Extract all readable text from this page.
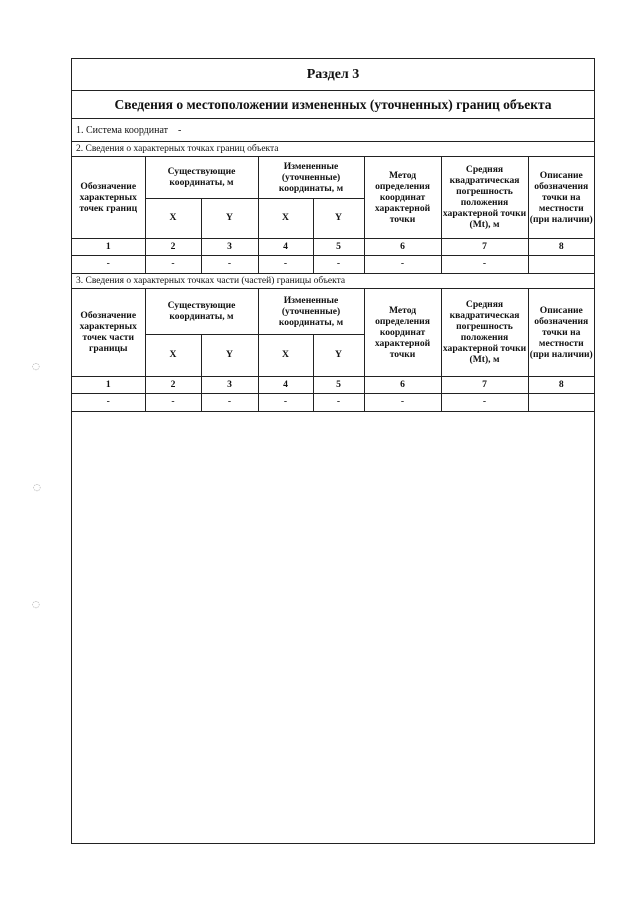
Раздел 3
Сведения о местоположении измененных (уточненных) границ объекта
1. Система координат -
2. Сведения о характерных точках границ объекта
Обозначение характерных точек границ	Существующие координаты, м		Измененные (уточненные) координаты, м		Метод определения координат характерной точки	Средняя квадратическая погрешность положения характерной точки (Mt), м	Описание обозначения точки на местности (при наличии)
	X	Y	X	Y			
1	2	3	4	5	6	7	8
-	-	-	-	-	-	-	
3. Сведения о характерных точках части (частей) границы объекта
Обозначение характерных точек части границы	Существующие координаты, м		Измененные (уточненные) координаты, м		Метод определения координат характерной точки	Средняя квадратическая погрешность положения характерной точки (Mt), м	Описание обозначения точки на местности (при наличии)
	X	Y	X	Y			
1	2	3	4	5	6	7	8
-	-	-	-	-	-	-	
◌
◌
◌
